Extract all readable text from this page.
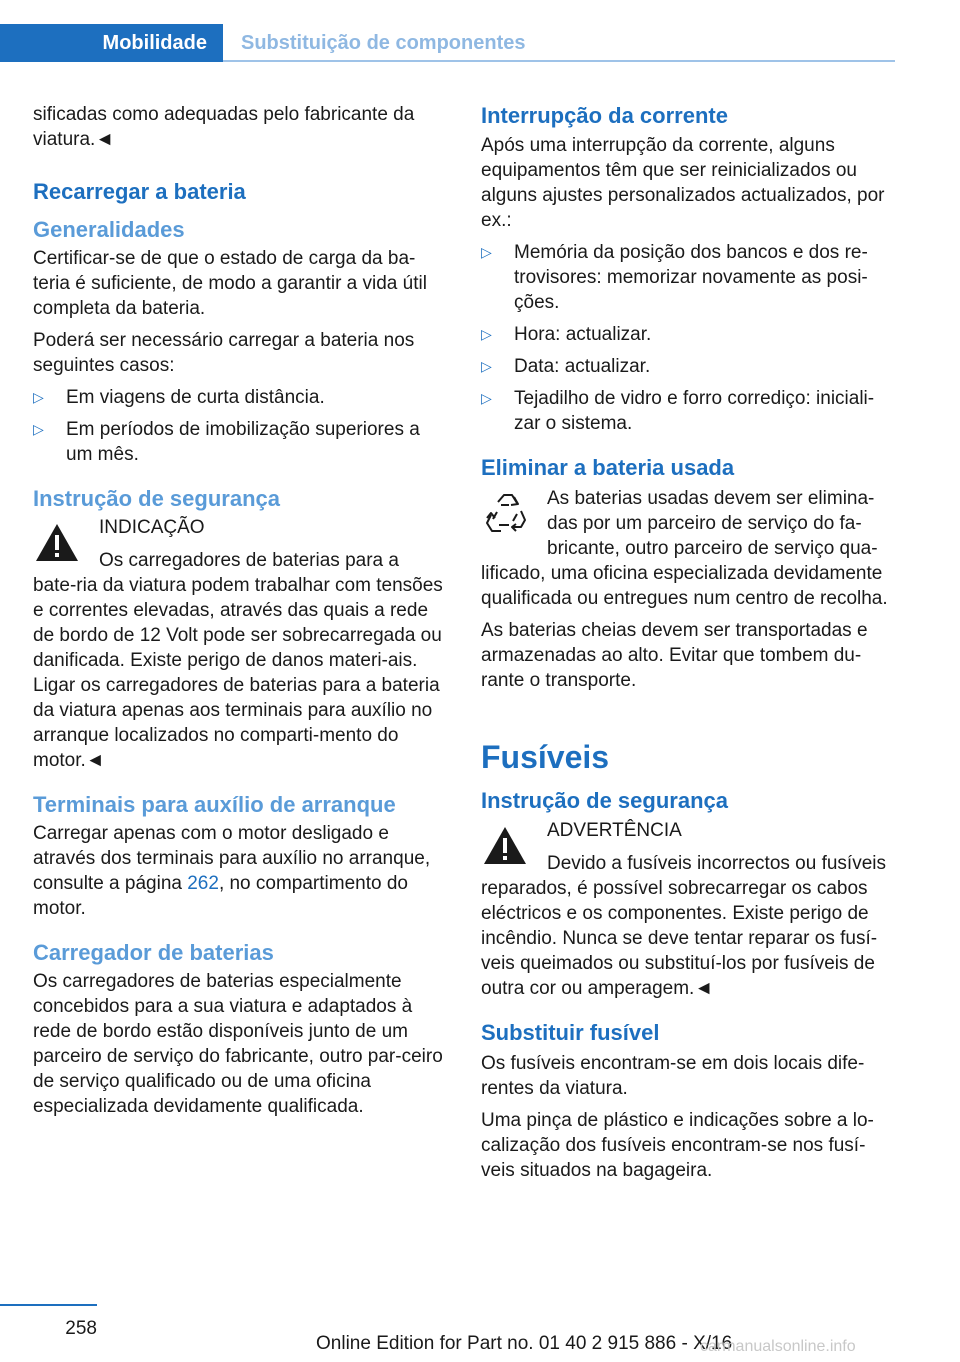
Mobilidade	Substituição de componentes

sificadas como adequadas pelo fabricante da viatura.◄

Recarregar a bateria
Generalidades

Certificar-se de que o estado de carga da ba-teria é suficiente, de modo a garantir a vida útil completa da bateria.

Poderá ser necessário carregar a bateria nos seguintes casos:

▷ Em viagens de curta distância.
▷ Em períodos de imobilização superiores a um mês.
Instrução de segurança
INDICAÇÃO

Os carregadores de baterias para a bate-ria da viatura podem trabalhar com tensões e correntes elevadas, através das quais a rede de bordo de 12 Volt pode ser sobrecarregada ou danificada. Existe perigo de danos materi-ais. Ligar os carregadores de baterias para a bateria da viatura apenas aos terminais para auxílio no arranque localizados no comparti-mento do motor.◄

Terminais para auxílio de arranque

Carregar apenas com o motor desligado e através dos terminais para auxílio no arranque, consulte a página 262, no compartimento do motor.

Carregador de baterias

Os carregadores de baterias especialmente concebidos para a sua viatura e adaptados à rede de bordo estão disponíveis junto de um parceiro de serviço do fabricante, outro par-ceiro de serviço qualificado ou de uma oficina especializada devidamente qualificada.

Interrupção da corrente

Após uma interrupção da corrente, alguns equipamentos têm que ser reinicializados ou alguns ajustes personalizados actualizados, por ex.:

▷ Memória da posição dos bancos e dos re-trovisores: memorizar novamente as posi-ções.
▷ Hora: actualizar.
▷ Data: actualizar.
▷ Tejadilho de vidro e forro corrediço: iniciali-zar o sistema.
Eliminar a bateria usada

As baterias usadas devem ser elimina-das por um parceiro de serviço do fa-bricante, outro parceiro de serviço qua-lificado, uma oficina especializada devidamente qualificada ou entregues num centro de recolha.

As baterias cheias devem ser transportadas e armazenadas ao alto. Evitar que tombem du-rante o transporte.

Fusíveis
Instrução de segurança
ADVERTÊNCIA

Devido a fusíveis incorrectos ou fusíveis reparados, é possível sobrecarregar os cabos eléctricos e os componentes. Existe perigo de incêndio. Nunca se deve tentar reparar os fusí-veis queimados ou substituí-los por fusíveis de outra cor ou amperagem.◄

Substituir fusível

Os fusíveis encontram-se em dois locais dife-rentes da viatura.

Uma pinça de plástico e indicações sobre a lo-calização dos fusíveis encontram-se nos fusí-veis situados na bagageira.

258
Online Edition for Part no. 01 40 2 915 886 - X/16
carmanualsonline.info
